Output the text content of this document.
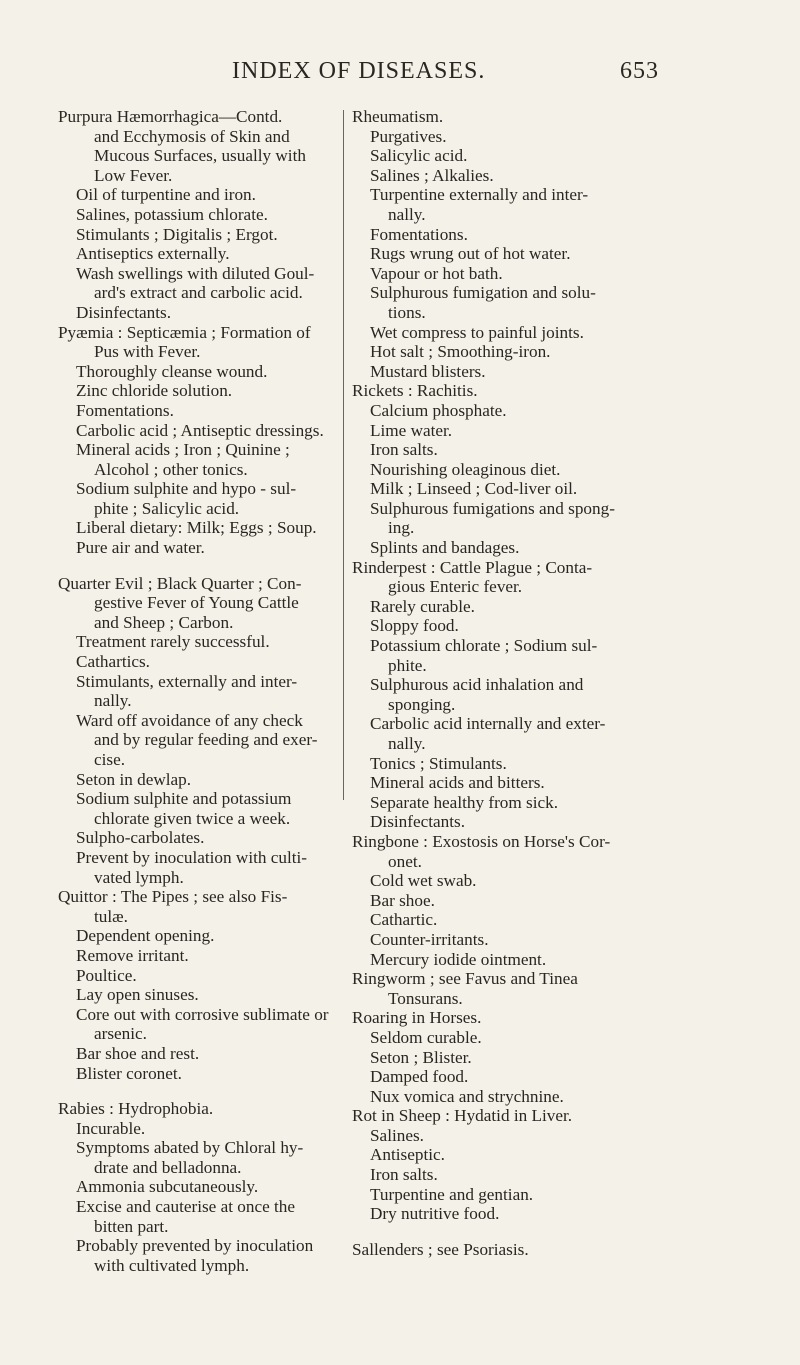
INDEX OF DISEASES.	653
Purpura Hæmorrhagica—Contd.
and Ecchymosis of Skin and
Mucous Surfaces, usually with
Low Fever.
Oil of turpentine and iron.
Salines, potassium chlorate.
Stimulants ; Digitalis ; Ergot.
Antiseptics externally.
Wash swellings with diluted Goul-
ard's extract and carbolic acid.
Disinfectants.
Pyæmia : Septicæmia ; Formation of
Pus with Fever.
Thoroughly cleanse wound.
Zinc chloride solution.
Fomentations.
Carbolic acid ; Antiseptic dressings.
Mineral acids ; Iron ; Quinine ;
Alcohol ; other tonics.
Sodium sulphite and hypo - sul-
phite ; Salicylic acid.
Liberal dietary: Milk; Eggs ; Soup.
Pure air and water.
Quarter Evil ; Black Quarter ; Con-
gestive Fever of Young Cattle
and Sheep ; Carbon.
Treatment rarely successful.
Cathartics.
Stimulants, externally and inter-
nally.
Ward off avoidance of any check
and by regular feeding and exer-
cise.
Seton in dewlap.
Sodium sulphite and potassium
chlorate given twice a week.
Sulpho-carbolates.
Prevent by inoculation with culti-
vated lymph.
Quittor : The Pipes ; see also Fis-
tulæ.
Dependent opening.
Remove irritant.
Poultice.
Lay open sinuses.
Core out with corrosive sublimate or
arsenic.
Bar shoe and rest.
Blister coronet.
Rabies : Hydrophobia.
Incurable.
Symptoms abated by Chloral hy-
drate and belladonna.
Ammonia subcutaneously.
Excise and cauterise at once the
bitten part.
Probably prevented by inoculation
with cultivated lymph.
Rheumatism.
Purgatives.
Salicylic acid.
Salines ; Alkalies.
Turpentine externally and inter-
nally.
Fomentations.
Rugs wrung out of hot water.
Vapour or hot bath.
Sulphurous fumigation and solu-
tions.
Wet compress to painful joints.
Hot salt ; Smoothing-iron.
Mustard blisters.
Rickets : Rachitis.
Calcium phosphate.
Lime water.
Iron salts.
Nourishing oleaginous diet.
Milk ; Linseed ; Cod-liver oil.
Sulphurous fumigations and spong-
ing.
Splints and bandages.
Rinderpest : Cattle Plague ; Conta-
gious Enteric fever.
Rarely curable.
Sloppy food.
Potassium chlorate ; Sodium sul-
phite.
Sulphurous acid inhalation and
sponging.
Carbolic acid internally and exter-
nally.
Tonics ; Stimulants.
Mineral acids and bitters.
Separate healthy from sick.
Disinfectants.
Ringbone : Exostosis on Horse's Cor-
onet.
Cold wet swab.
Bar shoe.
Cathartic.
Counter-irritants.
Mercury iodide ointment.
Ringworm ; see Favus and Tinea
Tonsurans.
Roaring in Horses.
Seldom curable.
Seton ; Blister.
Damped food.
Nux vomica and strychnine.
Rot in Sheep : Hydatid in Liver.
Salines.
Antiseptic.
Iron salts.
Turpentine and gentian.
Dry nutritive food.
Sallenders ; see Psoriasis.
